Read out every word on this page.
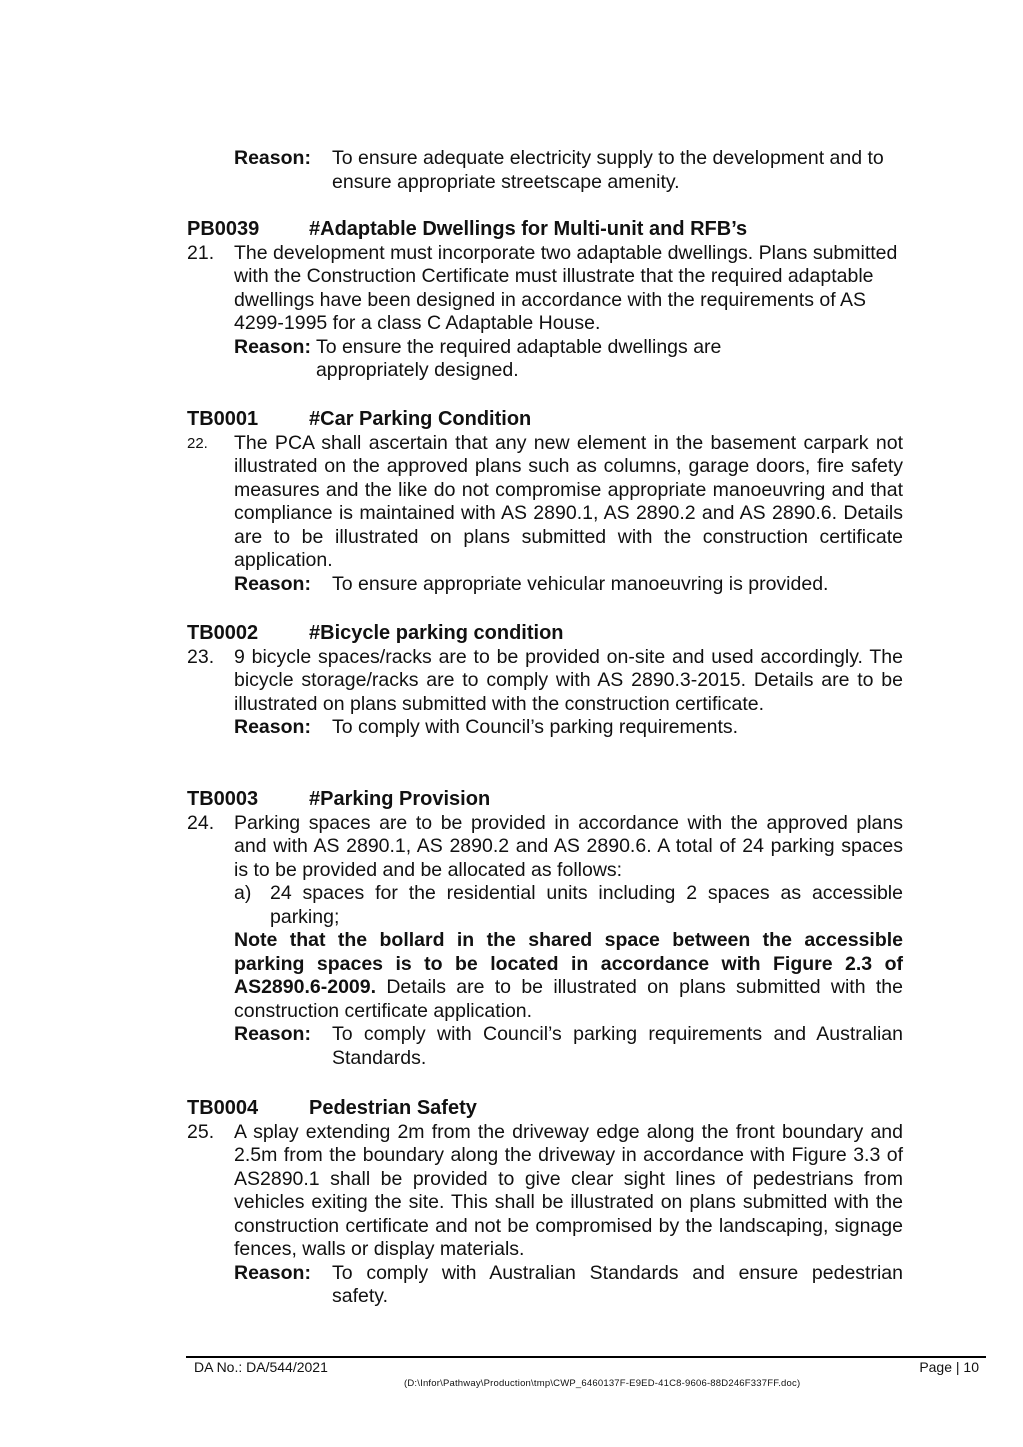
Reason:	To ensure adequate electricity supply to the development and to ensure appropriate streetscape amenity.
PB0039	#Adaptable Dwellings for Multi-unit and RFB’s
21.	The development must incorporate two adaptable dwellings. Plans submitted with the Construction Certificate must illustrate that the required adaptable dwellings have been designed in accordance with the requirements of AS 4299-1995 for a class C Adaptable House.

Reason: To ensure the required adaptable dwellings are appropriately designed.
TB0001	#Car Parking Condition
22.	The PCA shall ascertain that any new element in the basement carpark not illustrated on the approved plans such as columns, garage doors, fire safety measures and the like do not compromise appropriate manoeuvring and that compliance is maintained with AS 2890.1, AS 2890.2 and AS 2890.6. Details are to be illustrated on plans submitted with the construction certificate application.

Reason:	To ensure appropriate vehicular manoeuvring is provided.
TB0002	#Bicycle parking condition
23.	9 bicycle spaces/racks are to be provided on-site and used accordingly. The bicycle storage/racks are to comply with AS 2890.3-2015. Details are to be illustrated on plans submitted with the construction certificate.

Reason:	To comply with Council’s parking requirements.
TB0003	#Parking Provision
24.	Parking spaces are to be provided in accordance with the approved plans and with AS 2890.1, AS 2890.2 and AS 2890.6. A total of 24 parking spaces is to be provided and be allocated as follows:

a) 24 spaces for the residential units including 2 spaces as accessible parking;

Note that the bollard in the shared space between the accessible parking spaces is to be located in accordance with Figure 2.3 of AS2890.6-2009. Details are to be illustrated on plans submitted with the construction certificate application.

Reason:	To comply with Council’s parking requirements and Australian Standards.
TB0004	Pedestrian Safety
25.	A splay extending 2m from the driveway edge along the front boundary and 2.5m from the boundary along the driveway in accordance with Figure 3.3 of AS2890.1 shall be provided to give clear sight lines of pedestrians from vehicles exiting the site. This shall be illustrated on plans submitted with the construction certificate and not be compromised by the landscaping, signage fences, walls or display materials.

Reason:	To comply with Australian Standards and ensure pedestrian safety.
DA No.: DA/544/2021	Page | 10
(D:\Infor\Pathway\Production\tmp\CWP_6460137F-E9ED-41C8-9606-88D246F337FF.doc)
